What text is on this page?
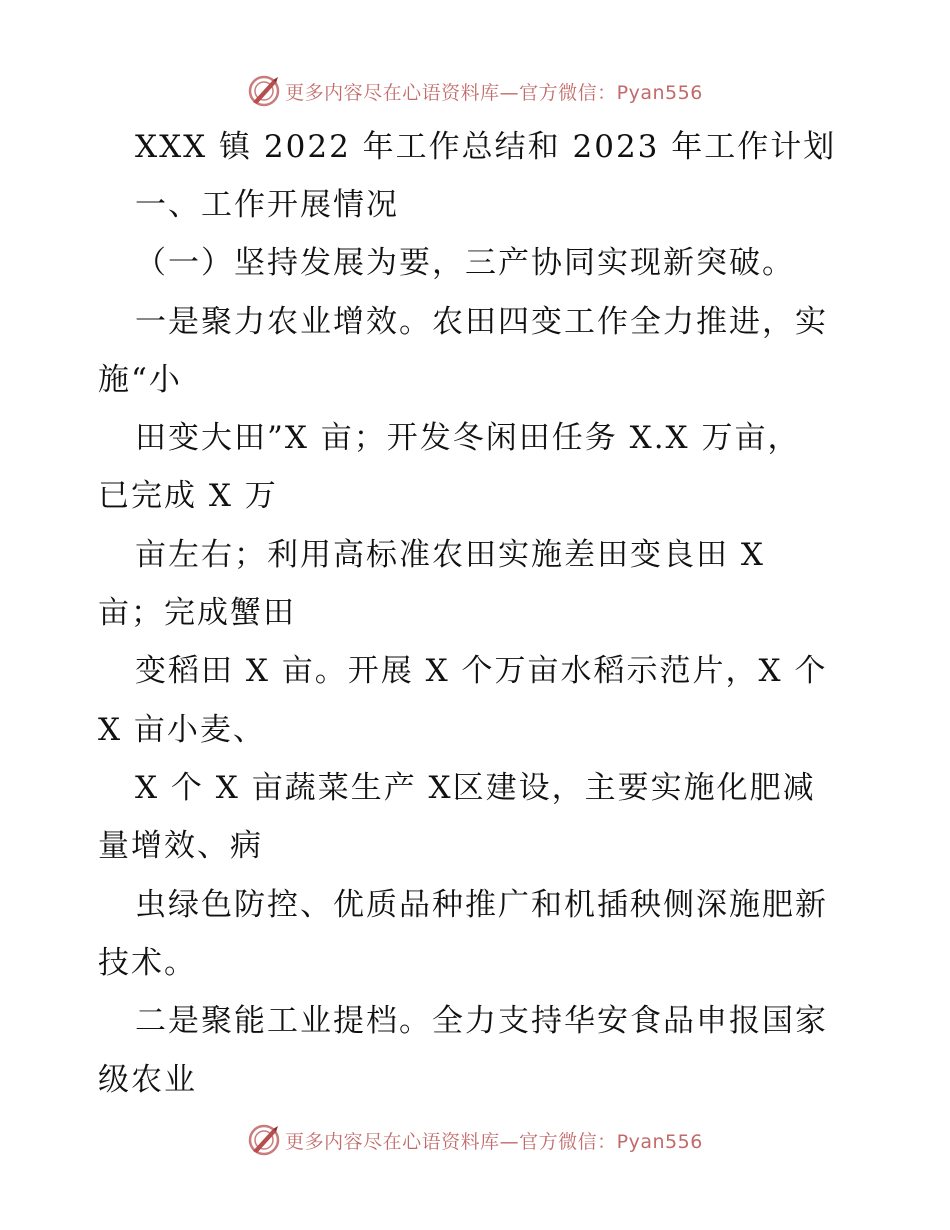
更多内容尽在心语资料库—官方微信：Pyan556
XXX 镇 2022 年工作总结和 2023 年工作计划
一、工作开展情况
（一）坚持发展为要，三产协同实现新突破。
一是聚力农业增效。农田四变工作全力推进，实
施“小
田变大田”X 亩；开发冬闲田任务 X.X 万亩，
已完成 X 万
亩左右；利用高标准农田实施差田变良田 X
亩；完成蟹田
变稻田 X 亩。开展 X 个万亩水稻示范片，X 个
X 亩小麦、
X 个 X 亩蔬菜生产 X区建设，主要实施化肥减
量增效、病
虫绿色防控、优质品种推广和机插秧侧深施肥新
技术。
二是聚能工业提档。全力支持华安食品申报国家
级农业
更多内容尽在心语资料库—官方微信：Pyan556
